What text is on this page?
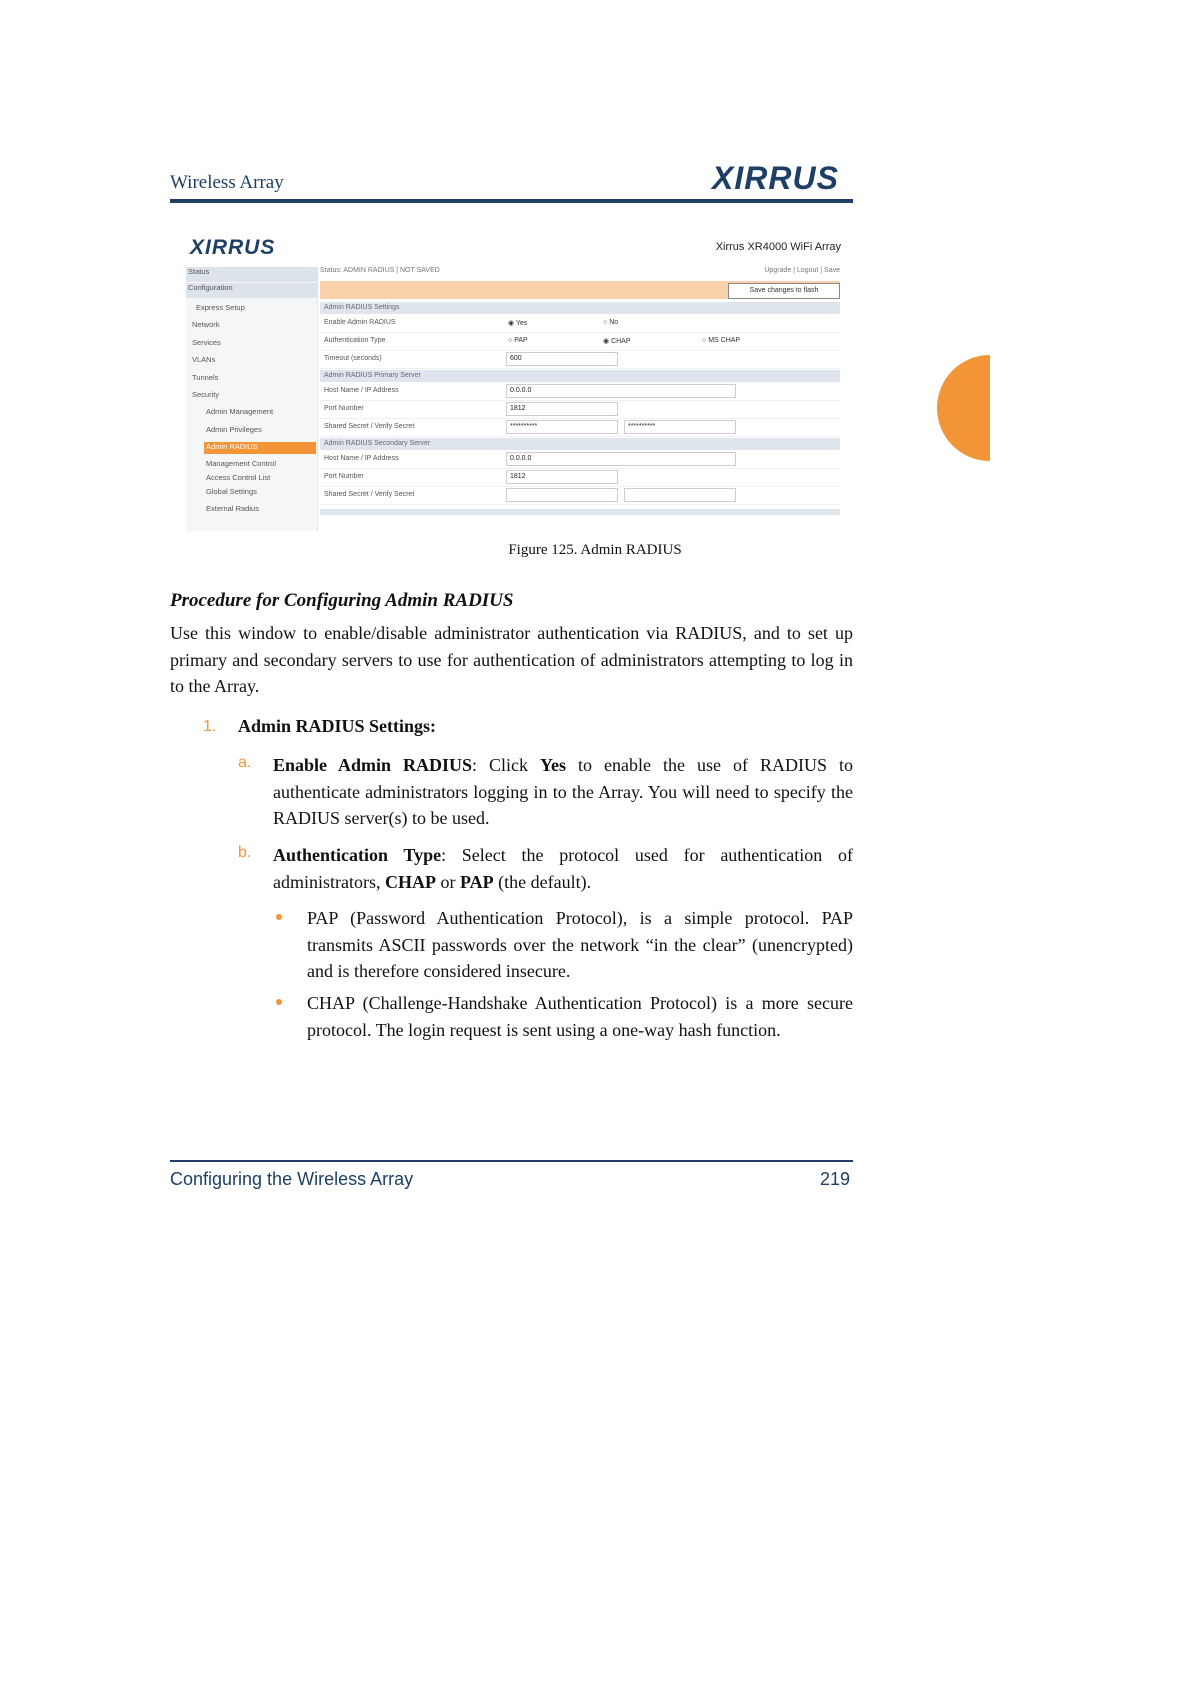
Wireless Array	XIRRUS
XIRRUS	Xirrus XR4000 WiFi Array
Status
Configuration
Express Setup
Network
Services
VLANs
Tunnels
Security
Admin Management
Admin Privileges
Admin RADIUS
Management Control
Access Control List
Global Settings
External Radius
Status: ADMIN RADIUS | NOT SAVED	Upgrade | Logout | Save
Save changes to flash
Admin RADIUS Settings
Enable Admin RADIUS	◉ Yes	○ No
Authentication Type	○ PAP	◉ CHAP	○ MS CHAP
Timeout (seconds)	600
Admin RADIUS Primary Server
Host Name / IP Address	0.0.0.0
Port Number	1812
Shared Secret / Verify Secret	**********	**********
Admin RADIUS Secondary Server
Host Name / IP Address	0.0.0.0
Port Number	1812
Shared Secret / Verify Secret
Figure 125. Admin RADIUS
Procedure for Configuring Admin RADIUS
Use this window to enable/disable administrator authentication via RADIUS, and to set up primary and secondary servers to use for authentication of administrators attempting to log in to the Array.
1. Admin RADIUS Settings:
a. Enable Admin RADIUS: Click Yes to enable the use of RADIUS to authenticate administrators logging in to the Array. You will need to specify the RADIUS server(s) to be used.
b. Authentication Type: Select the protocol used for authentication of administrators, CHAP or PAP (the default).
PAP (Password Authentication Protocol), is a simple protocol. PAP transmits ASCII passwords over the network “in the clear” (unencrypted) and is therefore considered insecure.
CHAP (Challenge-Handshake Authentication Protocol) is a more secure protocol. The login request is sent using a one-way hash function.
Configuring the Wireless Array	219
